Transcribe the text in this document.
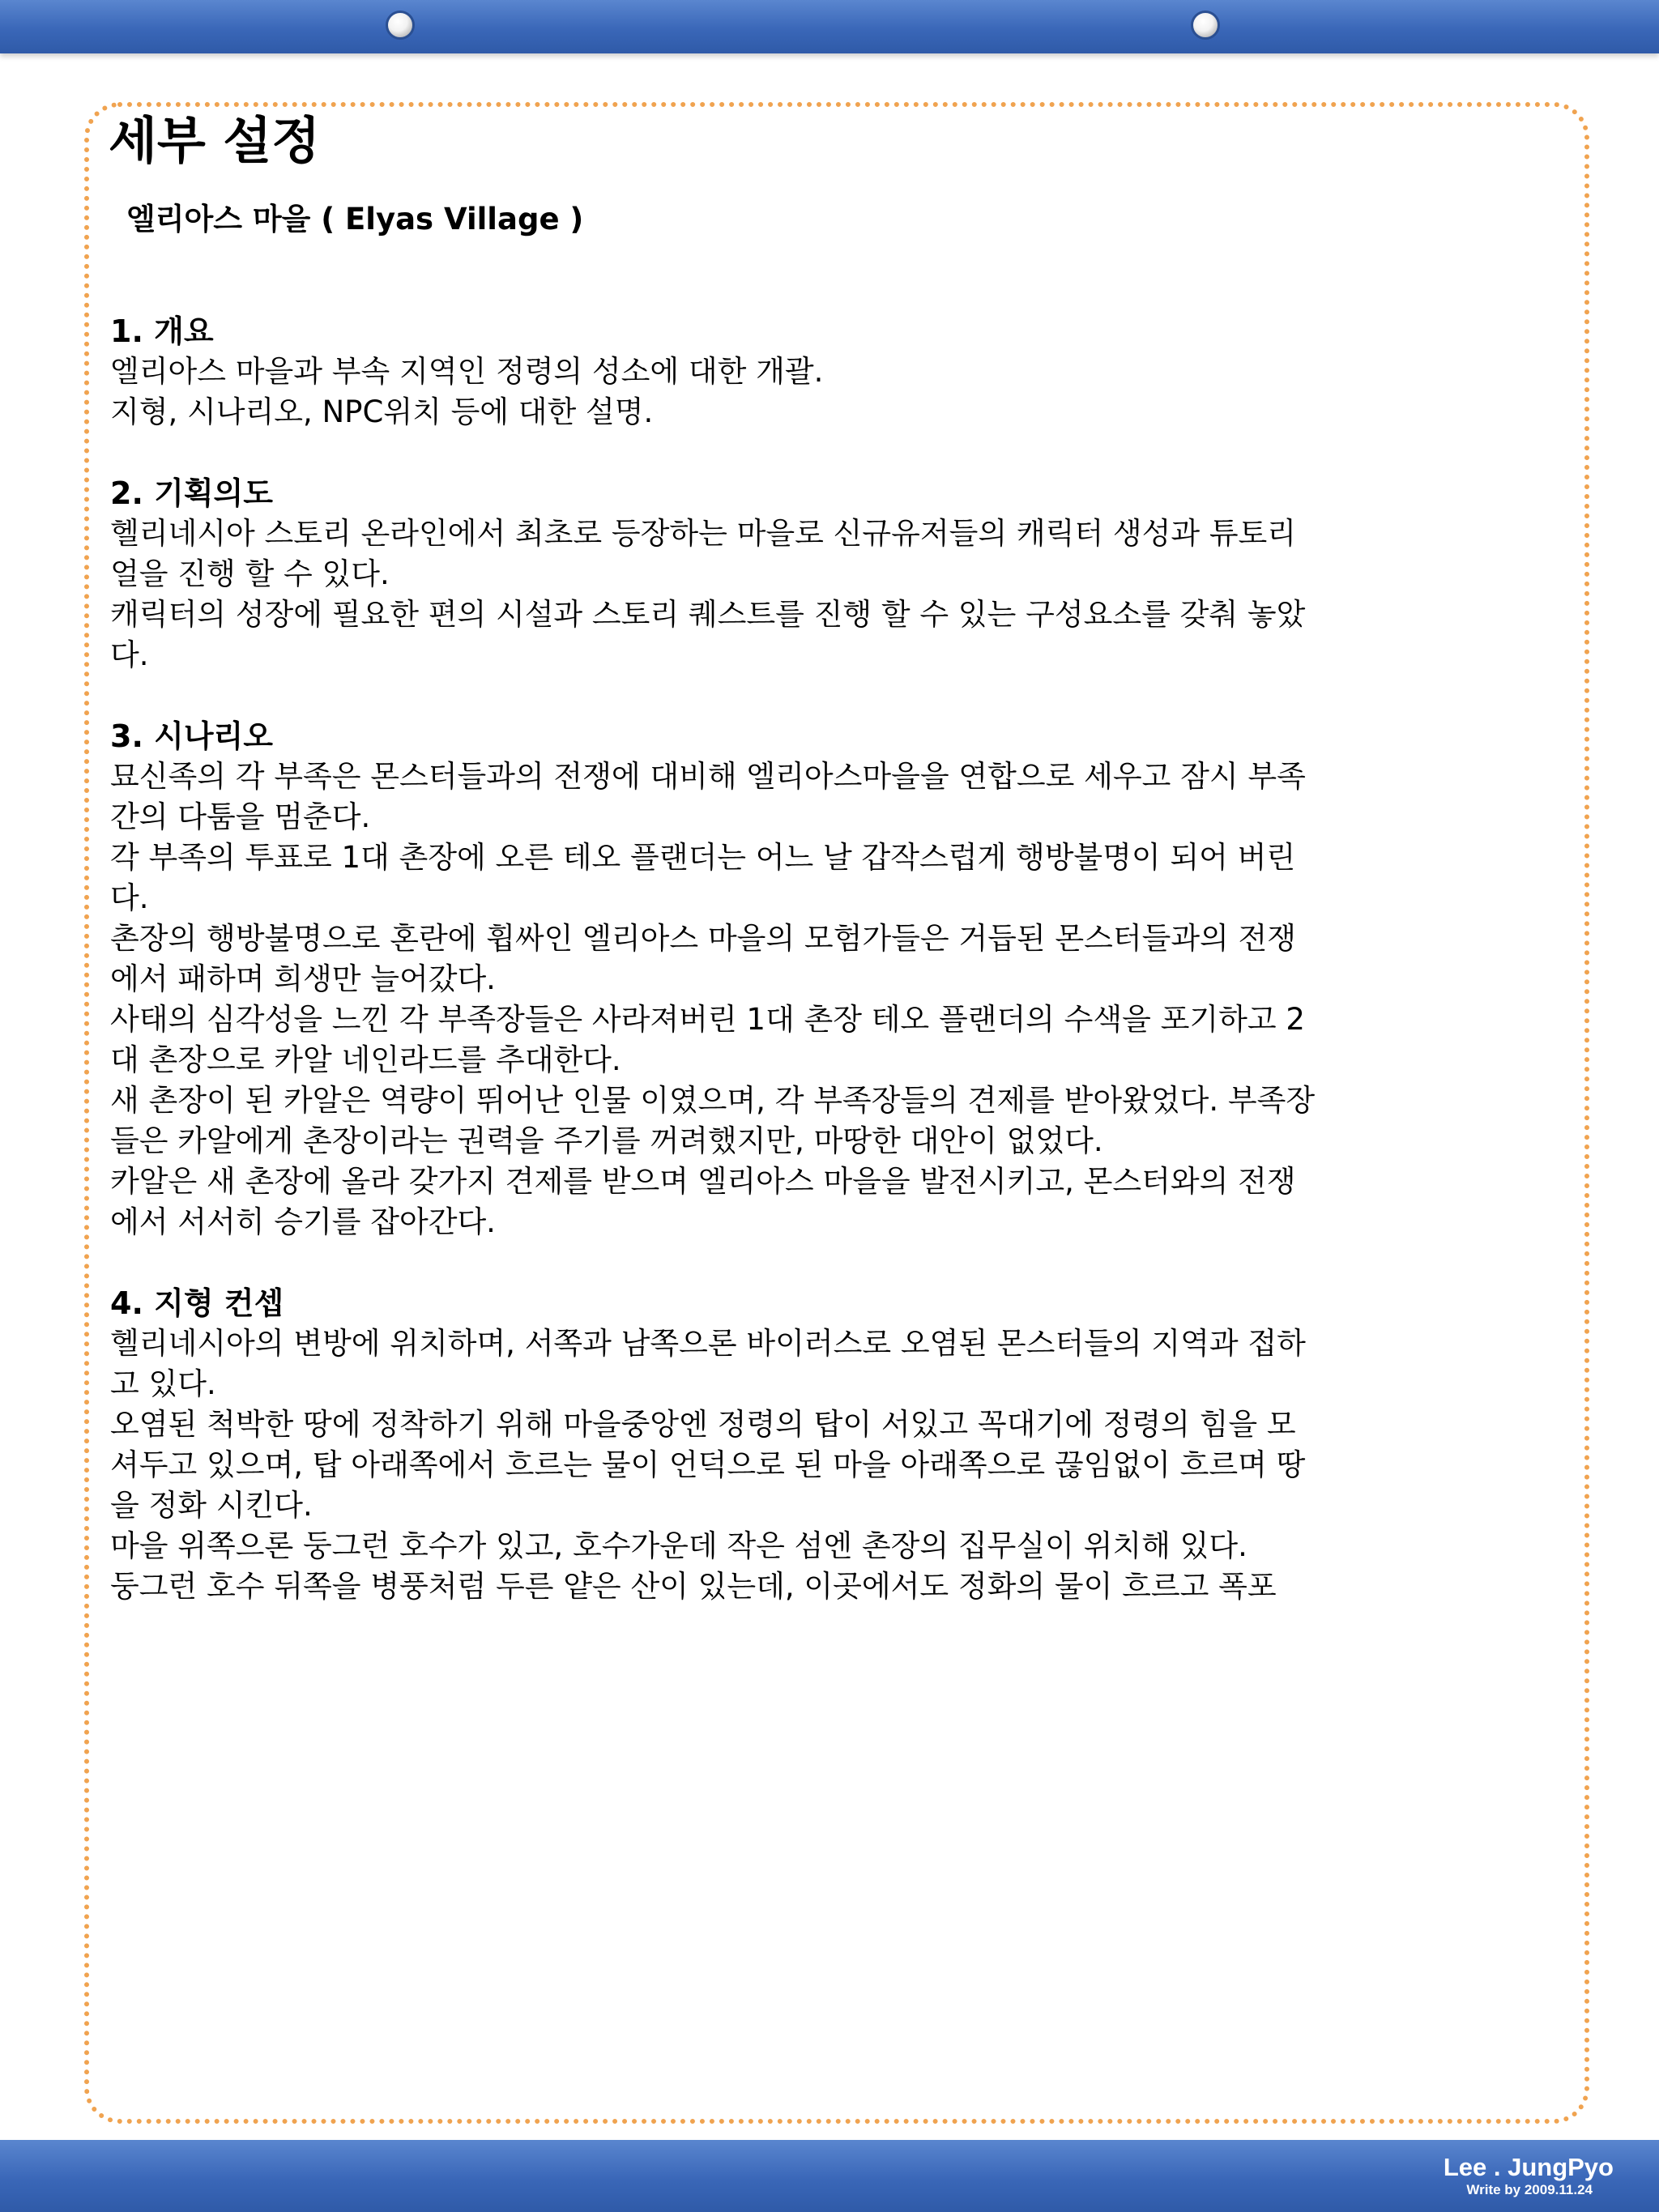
세부 설정
엘리아스 마을 ( Elyas Village )
1. 개요
엘리아스 마을과 부속 지역인 정령의 성소에 대한 개괄.
지형, 시나리오, NPC위치 등에 대한 설명.
2. 기획의도
헬리네시아 스토리 온라인에서 최초로 등장하는 마을로 신규유저들의 캐릭터 생성과 튜토리
얼을 진행 할 수 있다.
캐릭터의 성장에 필요한 편의 시설과 스토리 퀘스트를 진행 할 수 있는 구성요소를 갖춰 놓았
다.
3. 시나리오
묘신족의 각 부족은 몬스터들과의 전쟁에 대비해 엘리아스마을을 연합으로 세우고 잠시 부족
간의 다툼을 멈춘다.
각 부족의 투표로 1대 촌장에 오른 테오 플랜더는 어느 날 갑작스럽게 행방불명이 되어 버린
다.
촌장의 행방불명으로 혼란에 휩싸인 엘리아스 마을의 모험가들은 거듭된 몬스터들과의 전쟁
에서 패하며 희생만 늘어갔다.
사태의 심각성을 느낀 각 부족장들은 사라져버린 1대 촌장 테오 플랜더의 수색을 포기하고 2
대 촌장으로 카알 네인라드를 추대한다.
새 촌장이 된 카알은 역량이 뛰어난 인물 이였으며, 각 부족장들의 견제를 받아왔었다. 부족장
들은 카알에게 촌장이라는 권력을 주기를 꺼려했지만, 마땅한 대안이 없었다.
카알은 새 촌장에 올라 갖가지 견제를 받으며 엘리아스 마을을 발전시키고, 몬스터와의 전쟁
에서 서서히 승기를 잡아간다.
4. 지형 컨셉
헬리네시아의 변방에 위치하며, 서쪽과 남쪽으론 바이러스로 오염된 몬스터들의 지역과 접하
고 있다.
오염된 척박한 땅에 정착하기 위해 마을중앙엔 정령의 탑이 서있고 꼭대기에 정령의 힘을 모
셔두고 있으며, 탑 아래쪽에서 흐르는 물이 언덕으로 된 마을 아래쪽으로 끊임없이 흐르며 땅
을 정화 시킨다.
마을 위쪽으론 둥그런 호수가 있고, 호수가운데 작은 섬엔 촌장의 집무실이 위치해 있다.
둥그런 호수 뒤쪽을 병풍처럼 두른 얕은 산이 있는데, 이곳에서도 정화의 물이 흐르고 폭포
Lee . JungPyo
Write by 2009.11.24
